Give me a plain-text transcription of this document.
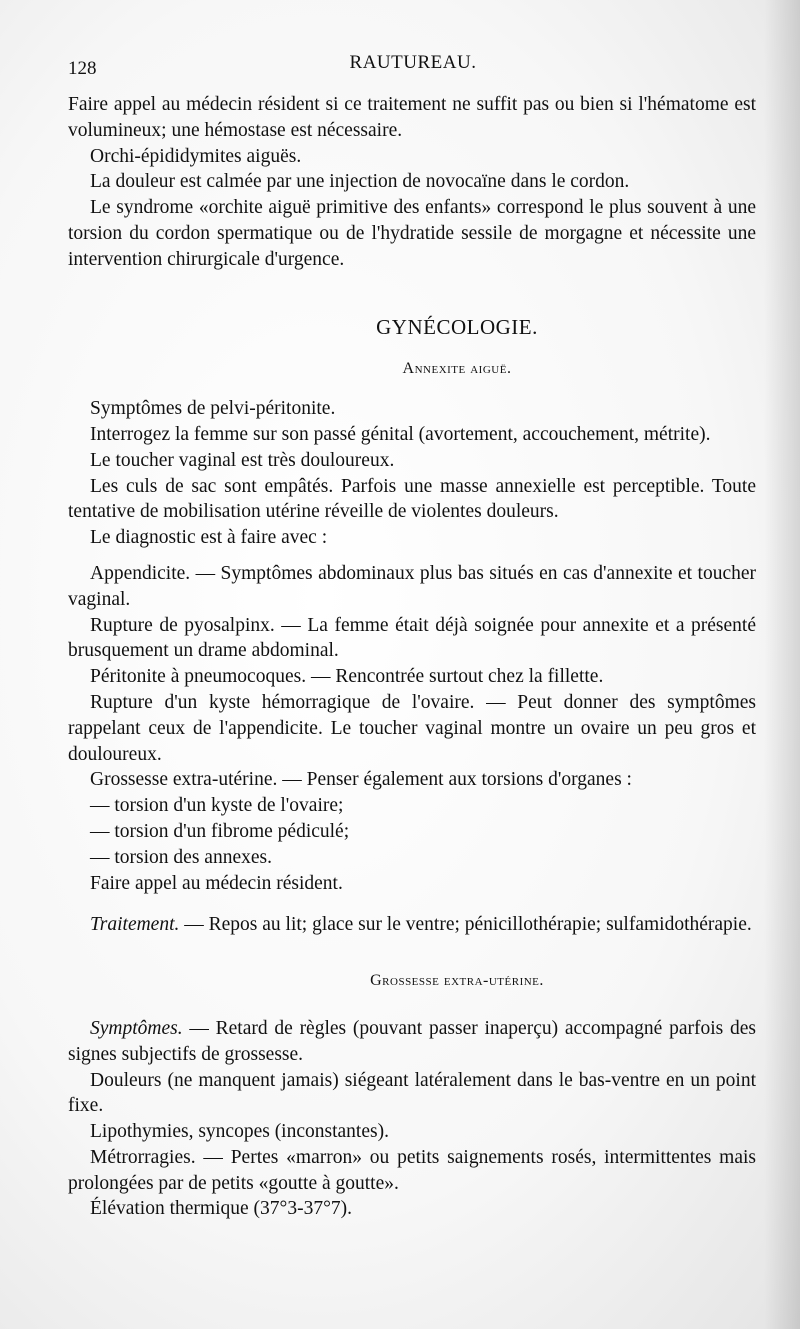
128	RAUTUREAU.

Faire appel au médecin résident si ce traitement ne suffit pas ou bien si l'hématome est volumineux; une hémostase est nécessaire.

Orchi-épididymites aiguës.

La douleur est calmée par une injection de novocaïne dans le cordon.

Le syndrome «orchite aiguë primitive des enfants» correspond le plus souvent à une torsion du cordon spermatique ou de l'hydratide sessile de morgagne et nécessite une intervention chirurgicale d'urgence.

GYNÉCOLOGIE.
Annexite aiguë.

Symptômes de pelvi-péritonite.

Interrogez la femme sur son passé génital (avortement, accouchement, métrite).

Le toucher vaginal est très douloureux.

Les culs de sac sont empâtés. Parfois une masse annexielle est perceptible. Toute tentative de mobilisation utérine réveille de violentes douleurs.

Le diagnostic est à faire avec :

Appendicite. — Symptômes abdominaux plus bas situés en cas d'annexite et toucher vaginal.

Rupture de pyosalpinx. — La femme était déjà soignée pour annexite et a présenté brusquement un drame abdominal.

Péritonite à pneumocoques. — Rencontrée surtout chez la fillette.

Rupture d'un kyste hémorragique de l'ovaire. — Peut donner des symptômes rappelant ceux de l'appendicite. Le toucher vaginal montre un ovaire un peu gros et douloureux.

Grossesse extra-utérine. — Penser également aux torsions d'organes :

— torsion d'un kyste de l'ovaire;

— torsion d'un fibrome pédiculé;

— torsion des annexes.

Faire appel au médecin résident.

Traitement. — Repos au lit; glace sur le ventre; pénicillothérapie; sulfamidothérapie.

Grossesse extra-utérine.

Symptômes. — Retard de règles (pouvant passer inaperçu) accompagné parfois des signes subjectifs de grossesse.

Douleurs (ne manquent jamais) siégeant latéralement dans le bas-ventre en un point fixe.

Lipothymies, syncopes (inconstantes).

Métrorragies. — Pertes «marron» ou petits saignements rosés, intermittentes mais prolongées par de petits «goutte à goutte».

Élévation thermique (37°3-37°7).
